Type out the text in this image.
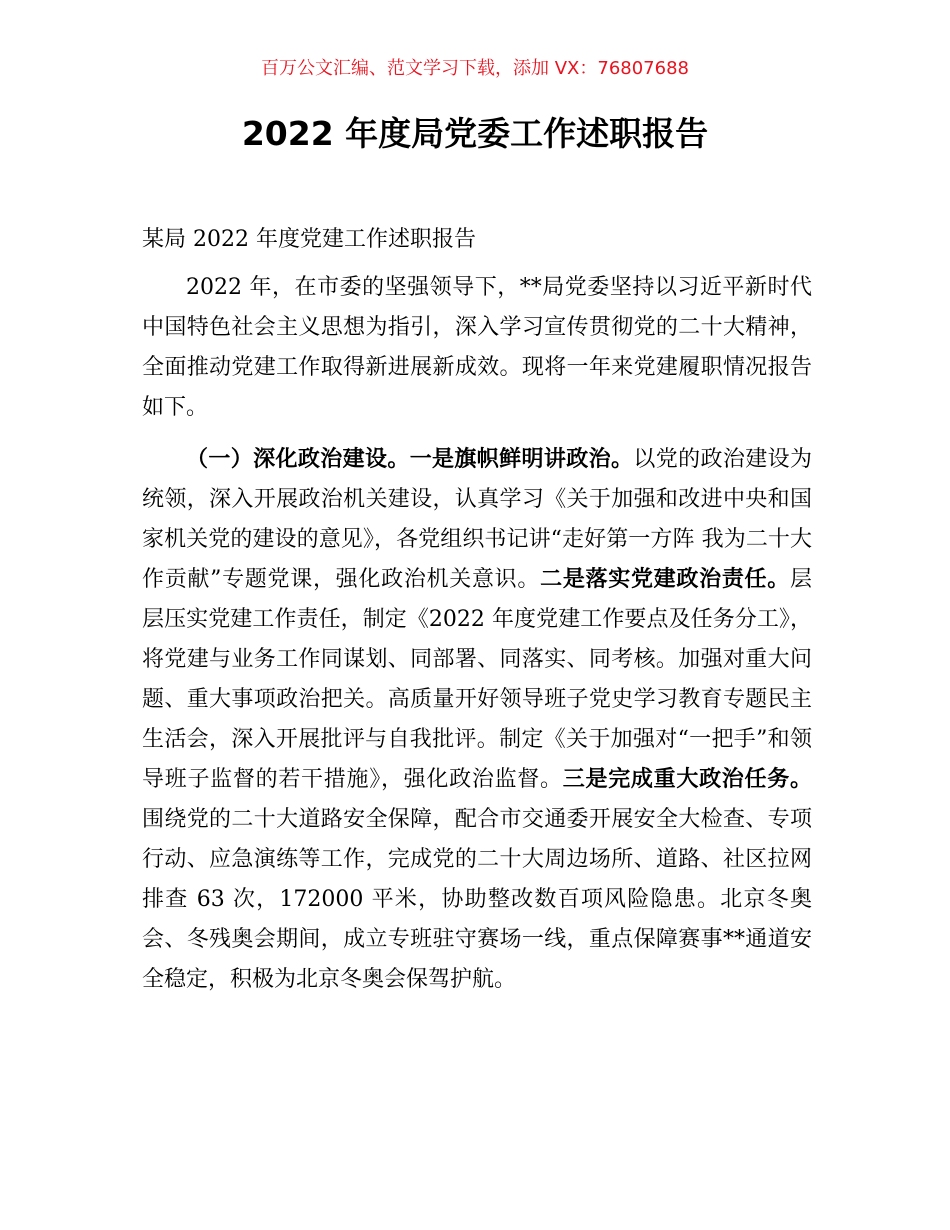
百万公文汇编、范文学习下载，添加 VX：76807688
2022 年度局党委工作述职报告

某局 2022 年度党建工作述职报告

2022 年，在市委的坚强领导下，**局党委坚持以习近平新时代中国特色社会主义思想为指引，深入学习宣传贯彻党的二十大精神，全面推动党建工作取得新进展新成效。现将一年来党建履职情况报告如下。

（一）深化政治建设。一是旗帜鲜明讲政治。以党的政治建设为统领，深入开展政治机关建设，认真学习《关于加强和改进中央和国家机关党的建设的意见》，各党组织书记讲“走好第一方阵 我为二十大作贡献”专题党课，强化政治机关意识。二是落实党建政治责任。层层压实党建工作责任，制定《2022 年度党建工作要点及任务分工》，将党建与业务工作同谋划、同部署、同落实、同考核。加强对重大问题、重大事项政治把关。高质量开好领导班子党史学习教育专题民主生活会，深入开展批评与自我批评。制定《关于加强对“一把手”和领导班子监督的若干措施》，强化政治监督。三是完成重大政治任务。围绕党的二十大道路安全保障，配合市交通委开展安全大检查、专项行动、应急演练等工作，完成党的二十大周边场所、道路、社区拉网排查 63 次，172000 平米，协助整改数百项风险隐患。北京冬奥会、冬残奥会期间，成立专班驻守赛场一线，重点保障赛事**通道安全稳定，积极为北京冬奥会保驾护航。
